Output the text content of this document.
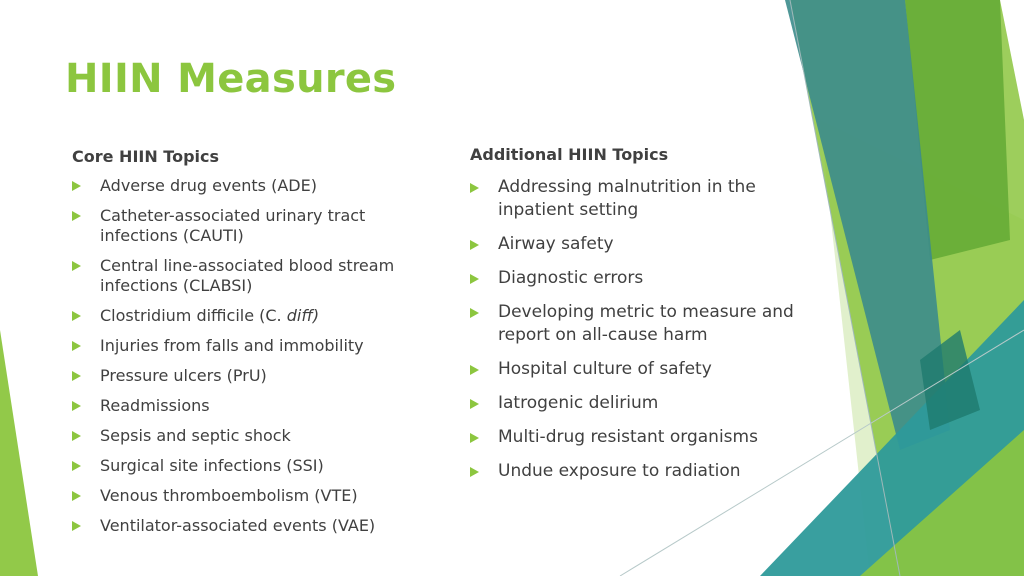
HIIN Measures
Core HIIN Topics
Adverse drug events (ADE)
Catheter-associated urinary tract infections (CAUTI)
Central line-associated blood stream infections (CLABSI)
Clostridium difficile (C. diff)
Injuries from falls and immobility
Pressure ulcers (PrU)
Readmissions
Sepsis and septic shock
Surgical site infections (SSI)
Venous thromboembolism (VTE)
Ventilator-associated events (VAE)
Additional HIIN Topics
Addressing malnutrition in the inpatient setting
Airway safety
Diagnostic errors
Developing metric to measure and report on all-cause harm
Hospital culture of safety
Iatrogenic delirium
Multi-drug resistant organisms
Undue exposure to radiation
